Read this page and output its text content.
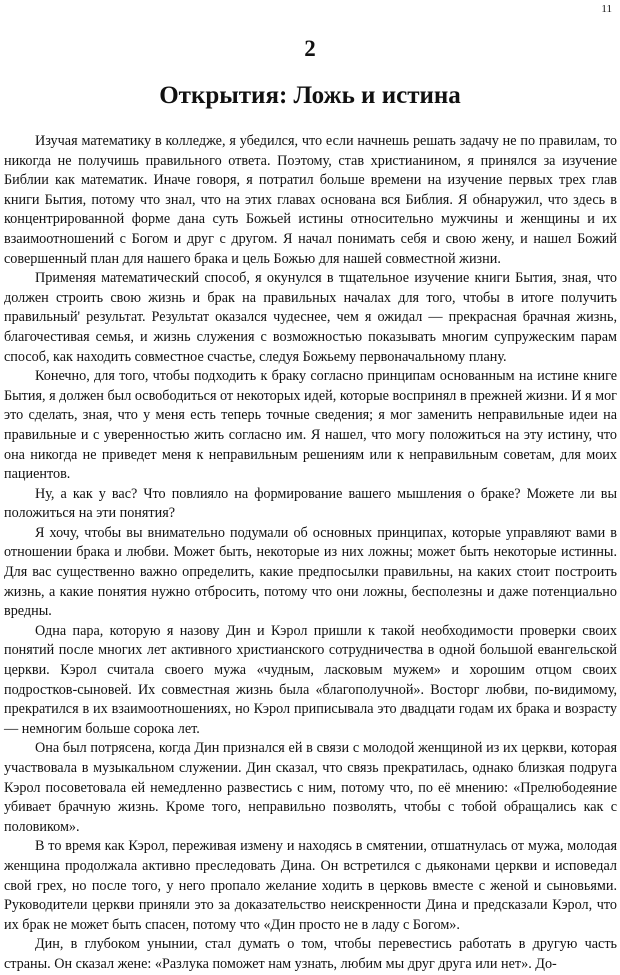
11
2
Открытия: Ложь и истина

Изучая математику в колледже, я убедился, что если начнешь решать задачу не по правилам, то никогда не получишь правильного ответа. Поэтому, став христианином, я принялся за изучение Библии как математик. Иначе говоря, я потратил больше времени на изучение первых трех глав книги Бытия, потому что знал, что на этих главах основана вся Библия. Я обнаружил, что здесь в концентрированной форме дана суть Божьей истины относительно мужчины и женщины и их взаимоотношений с Богом и друг с другом. Я начал понимать себя и свою жену, и нашел Божий совершенный план для нашего брака и цель Божью для нашей совместной жизни.

Применяя математический способ, я окунулся в тщательное изучение книги Бытия, зная, что должен строить свою жизнь и брак на правильных началах для того, чтобы в итоге получить правильный' результат. Результат оказался чудеснее, чем я ожидал — прекрасная брачная жизнь, благочестивая семья, и жизнь служения с возможностью показывать многим супружеским парам способ, как находить совместное счастье, следуя Божьему первоначальному плану.

Конечно, для того, чтобы подходить к браку согласно принципам основанным на истине книге Бытия, я должен был освободиться от некоторых идей, которые воспринял в прежней жизни. И я мог это сделать, зная, что у меня есть теперь точные сведения; я мог заменить неправильные идеи на правильные и с уверенностью жить согласно им. Я нашел, что могу положиться на эту истину, что она никогда не приведет меня к неправильным решениям или к неправильным советам, для моих пациентов.

Ну, а как у вас? Что повлияло на формирование вашего мышления о браке? Можете ли вы положиться на эти понятия?

Я хочу, чтобы вы внимательно подумали об основных принципах, которые управляют вами в отношении брака и любви. Может быть, некоторые из них ложны; может быть некоторые истинны. Для вас существенно важно определить, какие предпосылки правильны, на каких стоит построить жизнь, а какие понятия нужно отбросить, потому что они ложны, бесполезны и даже потенциально вредны.

Одна пара, которую я назову Дин и Кэрол пришли к такой необходимости проверки своих понятий после многих лет активного христианского сотрудничества в одной большой евангельской церкви. Кэрол считала своего мужа «чудным, ласковым мужем» и хорошим отцом своих подростков-сыновей. Их совместная жизнь была «благополучной». Восторг любви, по-видимому, прекратился в их взаимоотношениях, но Кэрол приписывала это двадцати годам их брака и возрасту — немногим больше сорока лет.

Она был потрясена, когда Дин признался ей в связи с молодой женщиной из их церкви, которая участвовала в музыкальном служении. Дин сказал, что связь прекратилась, однако близкая подруга Кэрол посоветовала ей немедленно развестись с ним, потому что, по её мнению: «Прелюбодеяние убивает брачную жизнь. Кроме того, неправильно позволять, чтобы с тобой обращались как с половиком».

В то время как Кэрол, переживая измену и находясь в смятении, отшатнулась от мужа, молодая женщина продолжала активно преследовать Дина. Он встретился с дьяконами церкви и исповедал свой грех, но после того, у него пропало желание ходить в церковь вместе с женой и сыновьями. Руководители церкви приняли это за доказательство неискренности Дина и предсказали Кэрол, что их брак не может быть спасен, потому что «Дин просто не в ладу с Богом».

Дин, в глубоком унынии, стал думать о том, чтобы перевестись работать в другую часть страны. Он сказал жене: «Разлука поможет нам узнать, любим мы друг друга или нет». До-
